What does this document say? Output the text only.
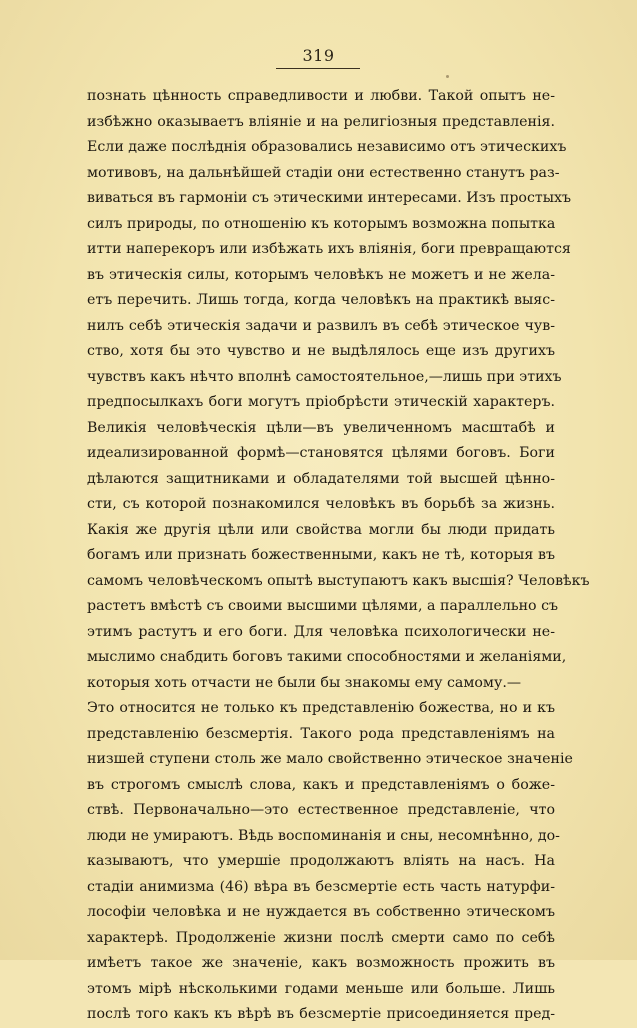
319
познать цѣнность справедливости и любви. Такой опытъ не-
избѣжно оказываетъ вліяніе и на религіозныя представленія.
Если даже послѣднія образовались независимо отъ этическихъ
мотивовъ, на дальнѣйшей стадіи они естественно станутъ раз-
виваться въ гармоніи съ этическими интересами. Изъ простыхъ
силъ природы, по отношенію къ которымъ возможна попытка
итти наперекоръ или избѣжать ихъ вліянія, боги превращаются
въ этическія силы, которымъ человѣкъ не можетъ и не жела-
етъ перечить. Лишь тогда, когда человѣкъ на практикѣ выяс-
нилъ себѣ этическія задачи и развилъ въ себѣ этическое чув-
ство, хотя бы это чувство и не выдѣлялось еще изъ другихъ
чувствъ какъ нѣчто вполнѣ самостоятельное,—лишь при этихъ
предпосылкахъ боги могутъ пріобрѣсти этическій характеръ.
Великія человѣческія цѣли—въ увеличенномъ масштабѣ и
идеализированной формѣ—становятся цѣлями боговъ. Боги
дѣлаются защитниками и обладателями той высшей цѣнно-
сти, съ которой познакомился человѣкъ въ борьбѣ за жизнь.
Какія же другія цѣли или свойства могли бы люди придать
богамъ или признать божественными, какъ не тѣ, которыя въ
самомъ человѣческомъ опытѣ выступаютъ какъ высшія? Человѣкъ
растетъ вмѣстѣ съ своими высшими цѣлями, а параллельно съ
этимъ растутъ и его боги. Для человѣка психологически не-
мыслимо снабдить боговъ такими способностями и желаніями,
которыя хоть отчасти не были бы знакомы ему самому.—
Это относится не только къ представленію божества, но и къ
представленію безсмертія. Такого рода представленіямъ на
низшей ступени столь же мало свойственно этическое значеніе
въ строгомъ смыслѣ слова, какъ и представленіямъ о боже-
ствѣ. Первоначально—это естественное представленіе, что
люди не умираютъ. Вѣдь воспоминанія и сны, несомнѣнно, до-
казываютъ, что умершіе продолжаютъ вліять на насъ. На
стадіи анимизма (46) вѣра въ безсмертіе есть часть натурфи-
лософіи человѣка и не нуждается въ собственно этическомъ
характерѣ. Продолженіе жизни послѣ смерти само по себѣ
имѣетъ такое же значеніе, какъ возможность прожить въ
этомъ мірѣ нѣсколькими годами меньше или больше. Лишь
послѣ того какъ къ вѣрѣ въ безсмертіе присоединяется пред-
